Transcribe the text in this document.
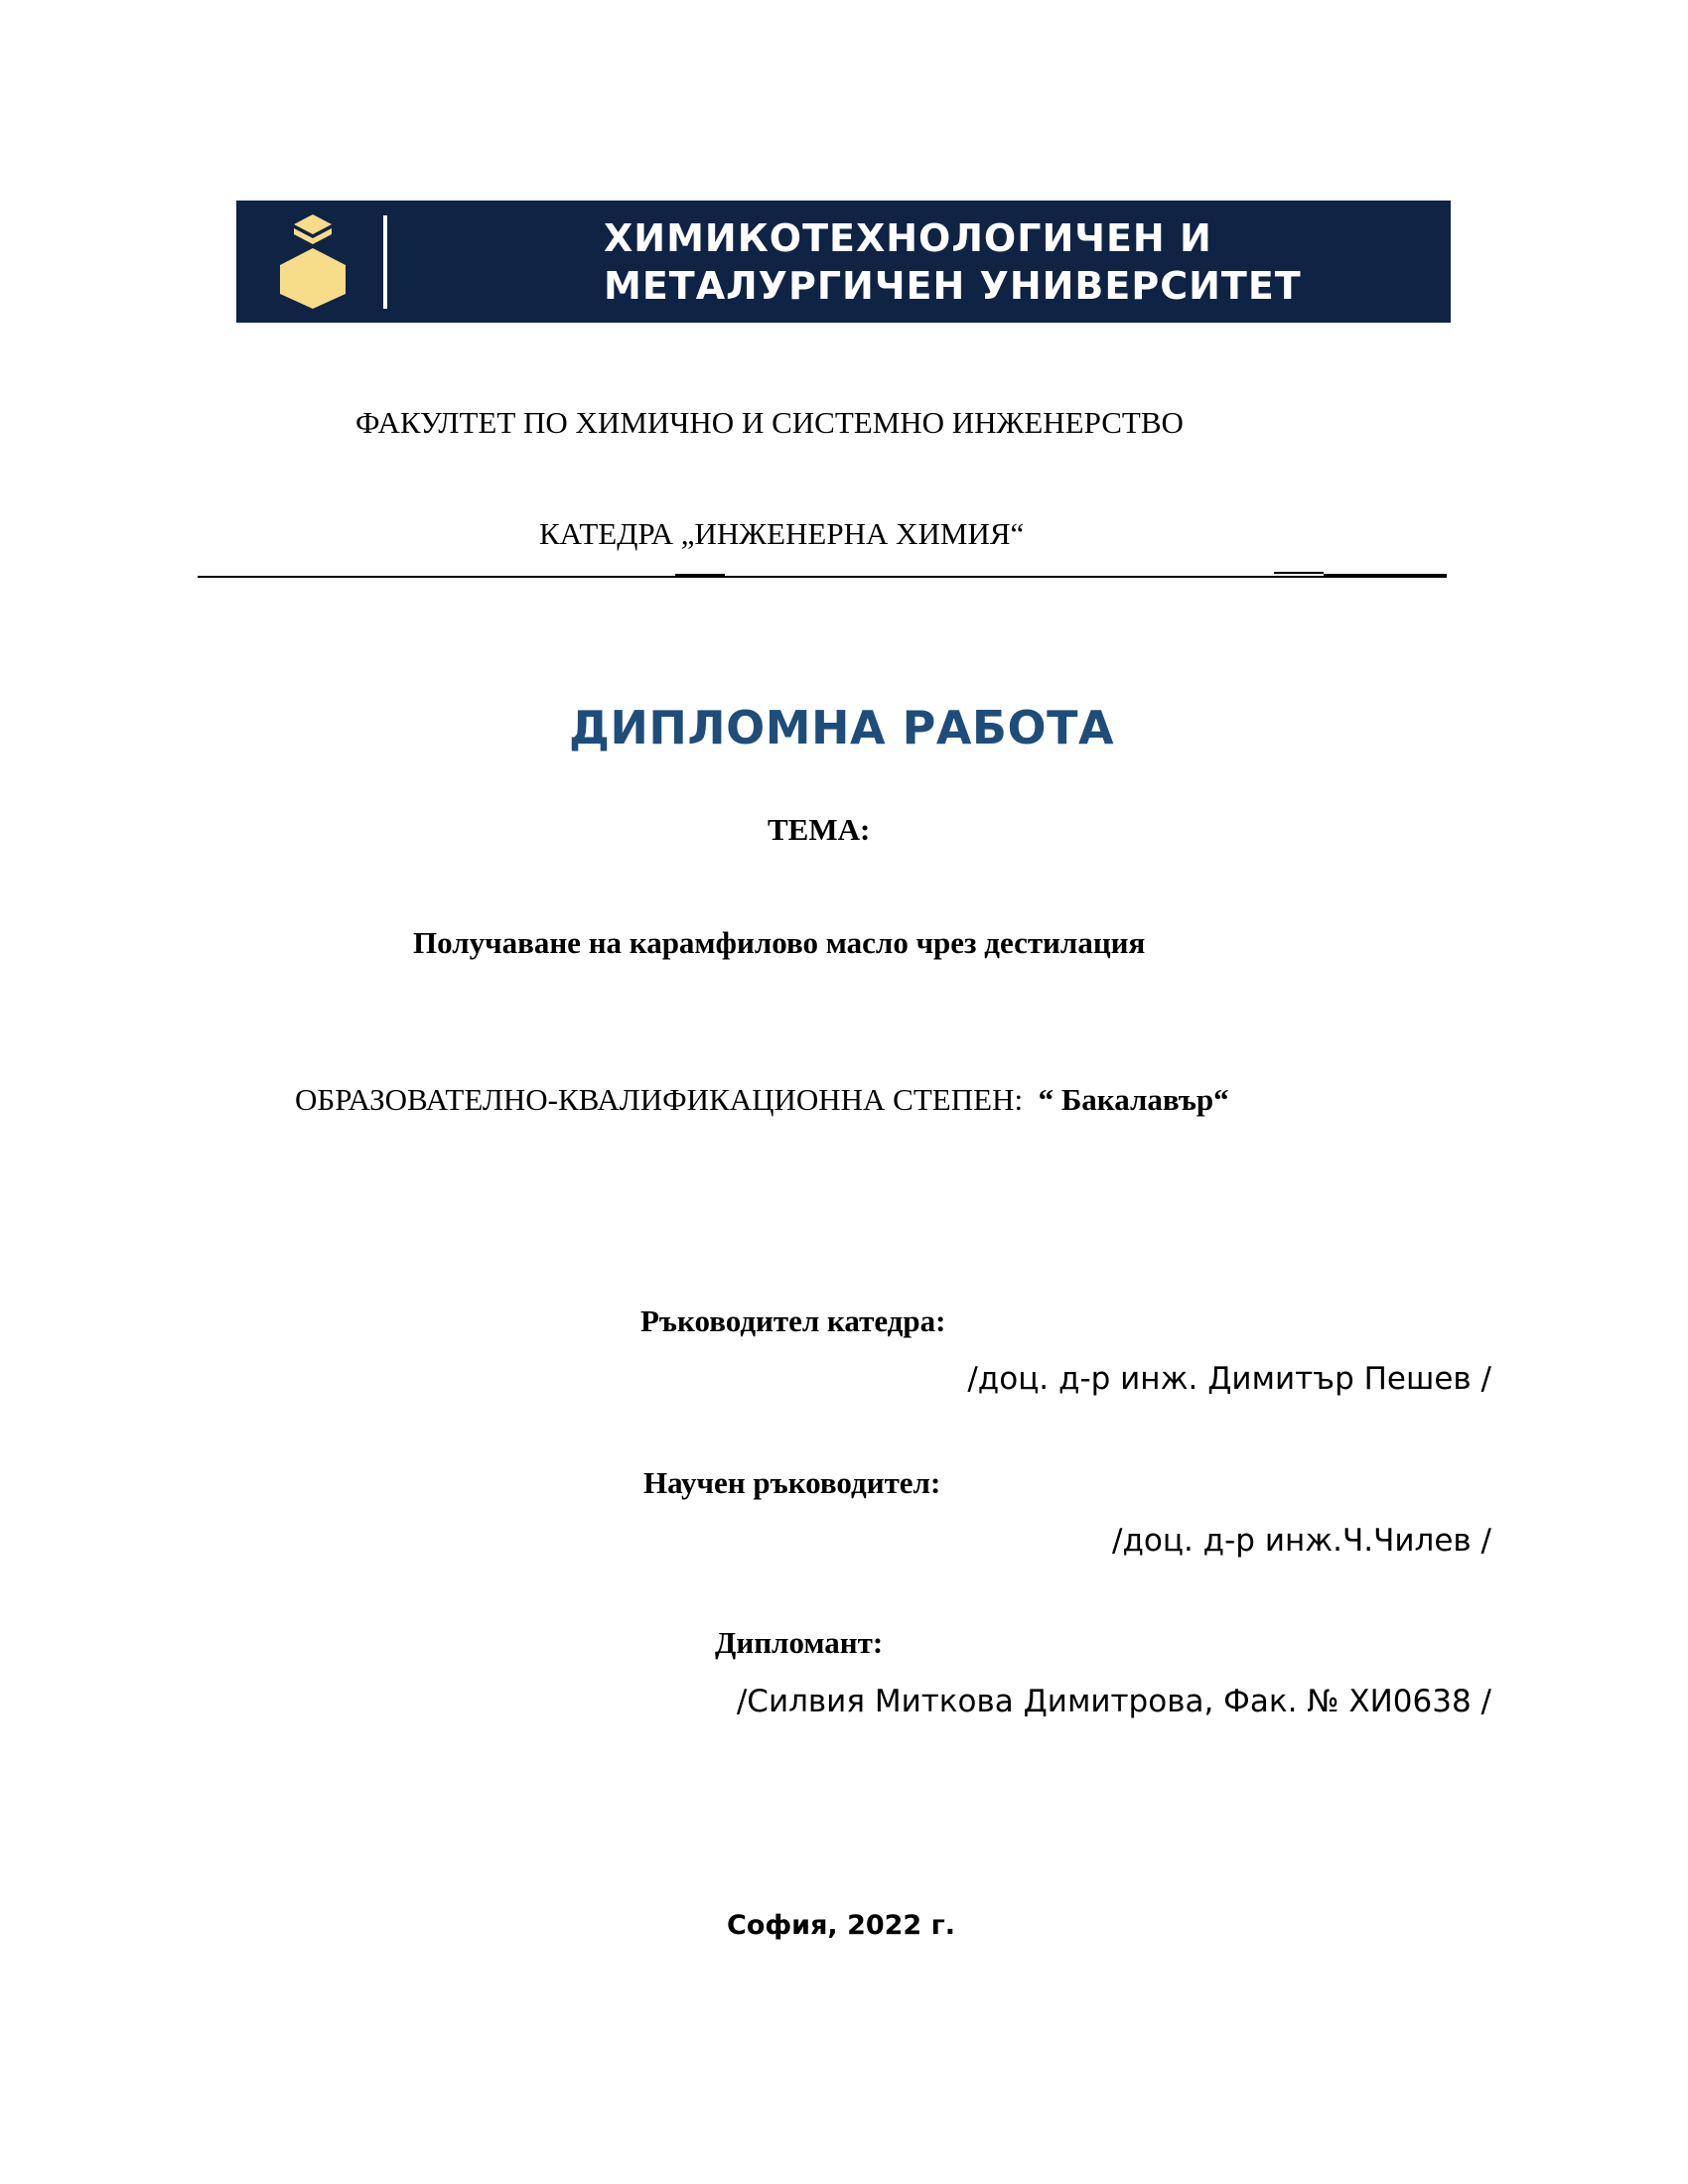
ХИМИКОТЕХНОЛОГИЧЕН И
МЕТАЛУРГИЧЕН УНИВЕРСИТЕТ

ФАКУЛТЕТ ПО ХИМИЧНО И СИСТЕМНО ИНЖЕНЕРСТВО

КАТЕДРА „ИНЖЕНЕРНА ХИМИЯ“

ДИПЛОМНА РАБОТА

ТЕМА:

Получаване на карамфилово масло чрез дестилация

ОБРАЗОВАТЕЛНО-КВАЛИФИКАЦИОННА СТЕПЕН: “ Бакалавър“

Ръководител катедра:

/доц. д-р инж. Димитър Пешев /

Научен ръководител:

/доц. д-р инж.Ч.Чилев /

Дипломант:

/Силвия Миткова Димитрова, Фак. № ХИ0638 /

София, 2022 г.
